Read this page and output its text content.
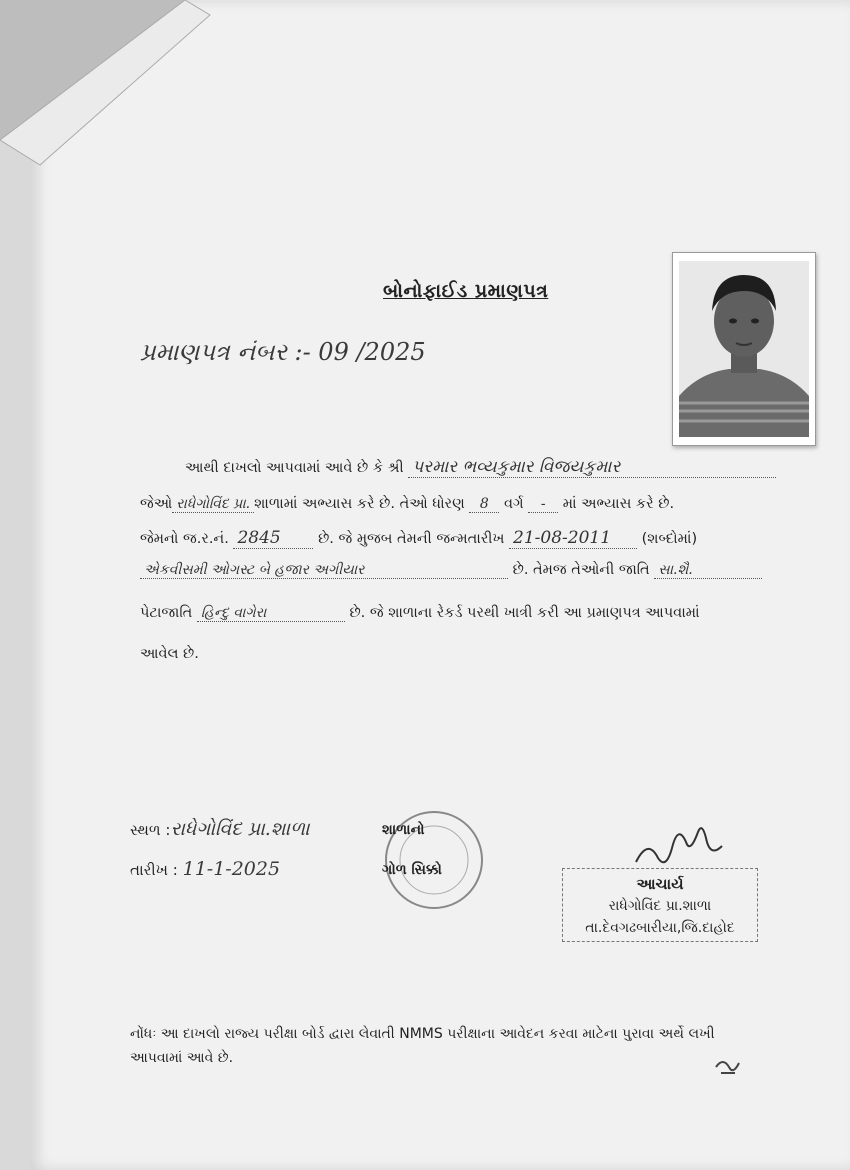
બોનોફાઈડ પ્રમાણપત્ર
પ્રમાણપત્ર નંબર :- 09 /2025
આથી દાખલો આપવામાં આવે છે કે શ્રી પરમાર ભવ્યકુમાર વિજયકુમાર
જેઓ રાધેગોવિંદ પ્રા. શાળામાં અભ્યાસ કરે છે. તેઓ ધોરણ 8 વર્ગ - માં અભ્યાસ કરે છે.
જેમનો જ.ર.નં. 2845	છે. જે મુજબ તેમની જન્મતારીખ 21-08-2011 (શબ્દોમાં)
એકવીસમી ઓગસ્ટ બે હજાર અગીયાર	છે. તેમજ તેઓની જાતિ સા.શૈ.
પેટાજાતિ હિન્દુ વાગેરા	છે. જે શાળાના રેકર્ડ પરથી ખાત્રી કરી આ પ્રમાણપત્ર આપવામાં
આવેલ છે.
સ્થળ :રાધેગોવિંદ પ્રા.શાળા
તારીખ : 11-1-2025
શાળાનો
ગોળ સિક્કો
આચાર્ય
રાધેગોવિંદ પ્રા.શાળા
તા.દેવગઢબારીયા,જિ.દાહોદ
નોંધઃ આ દાખલો રાજ્ય પરીક્ષા બોર્ડ દ્વારા લેવાતી NMMS પરીક્ષાના આવેદન કરવા માટેના પુરાવા અર્થે લખી આપવામાં આવે છે.
